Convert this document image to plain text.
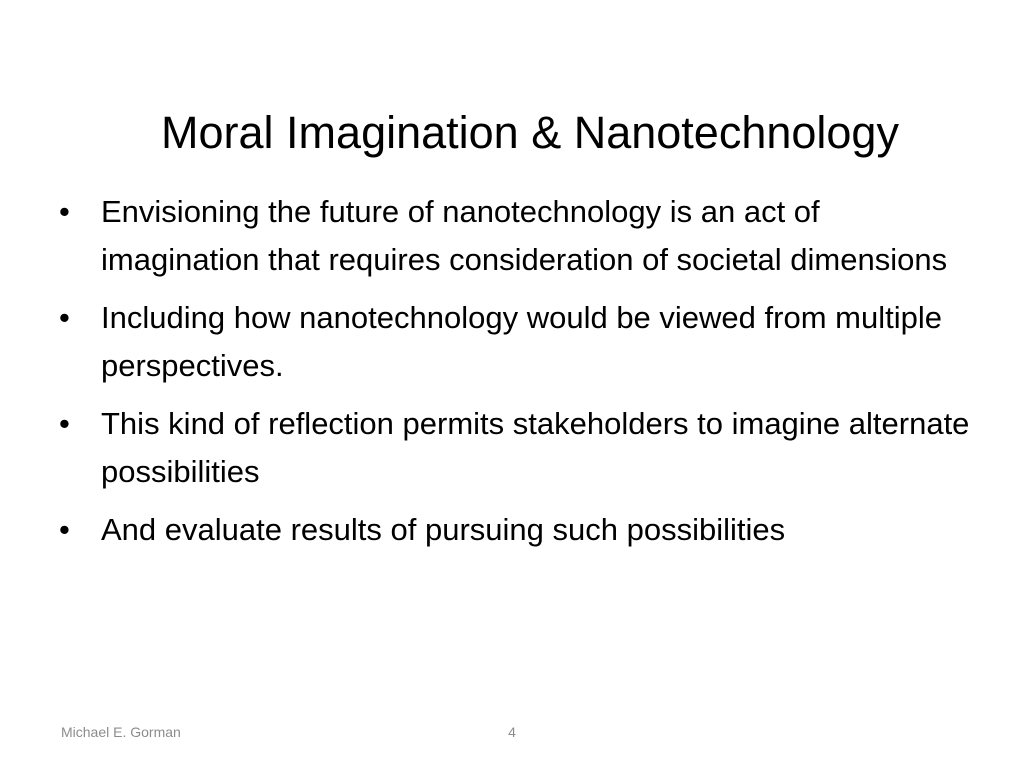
Moral Imagination & Nanotechnology
• Envisioning the future of nanotechnology is an act of imagination that requires consideration of societal dimensions
• Including how nanotechnology would be viewed from multiple perspectives.
• This kind of reflection permits stakeholders to imagine alternate possibilities
• And evaluate results of pursuing such possibilities
Michael E. Gorman	4
